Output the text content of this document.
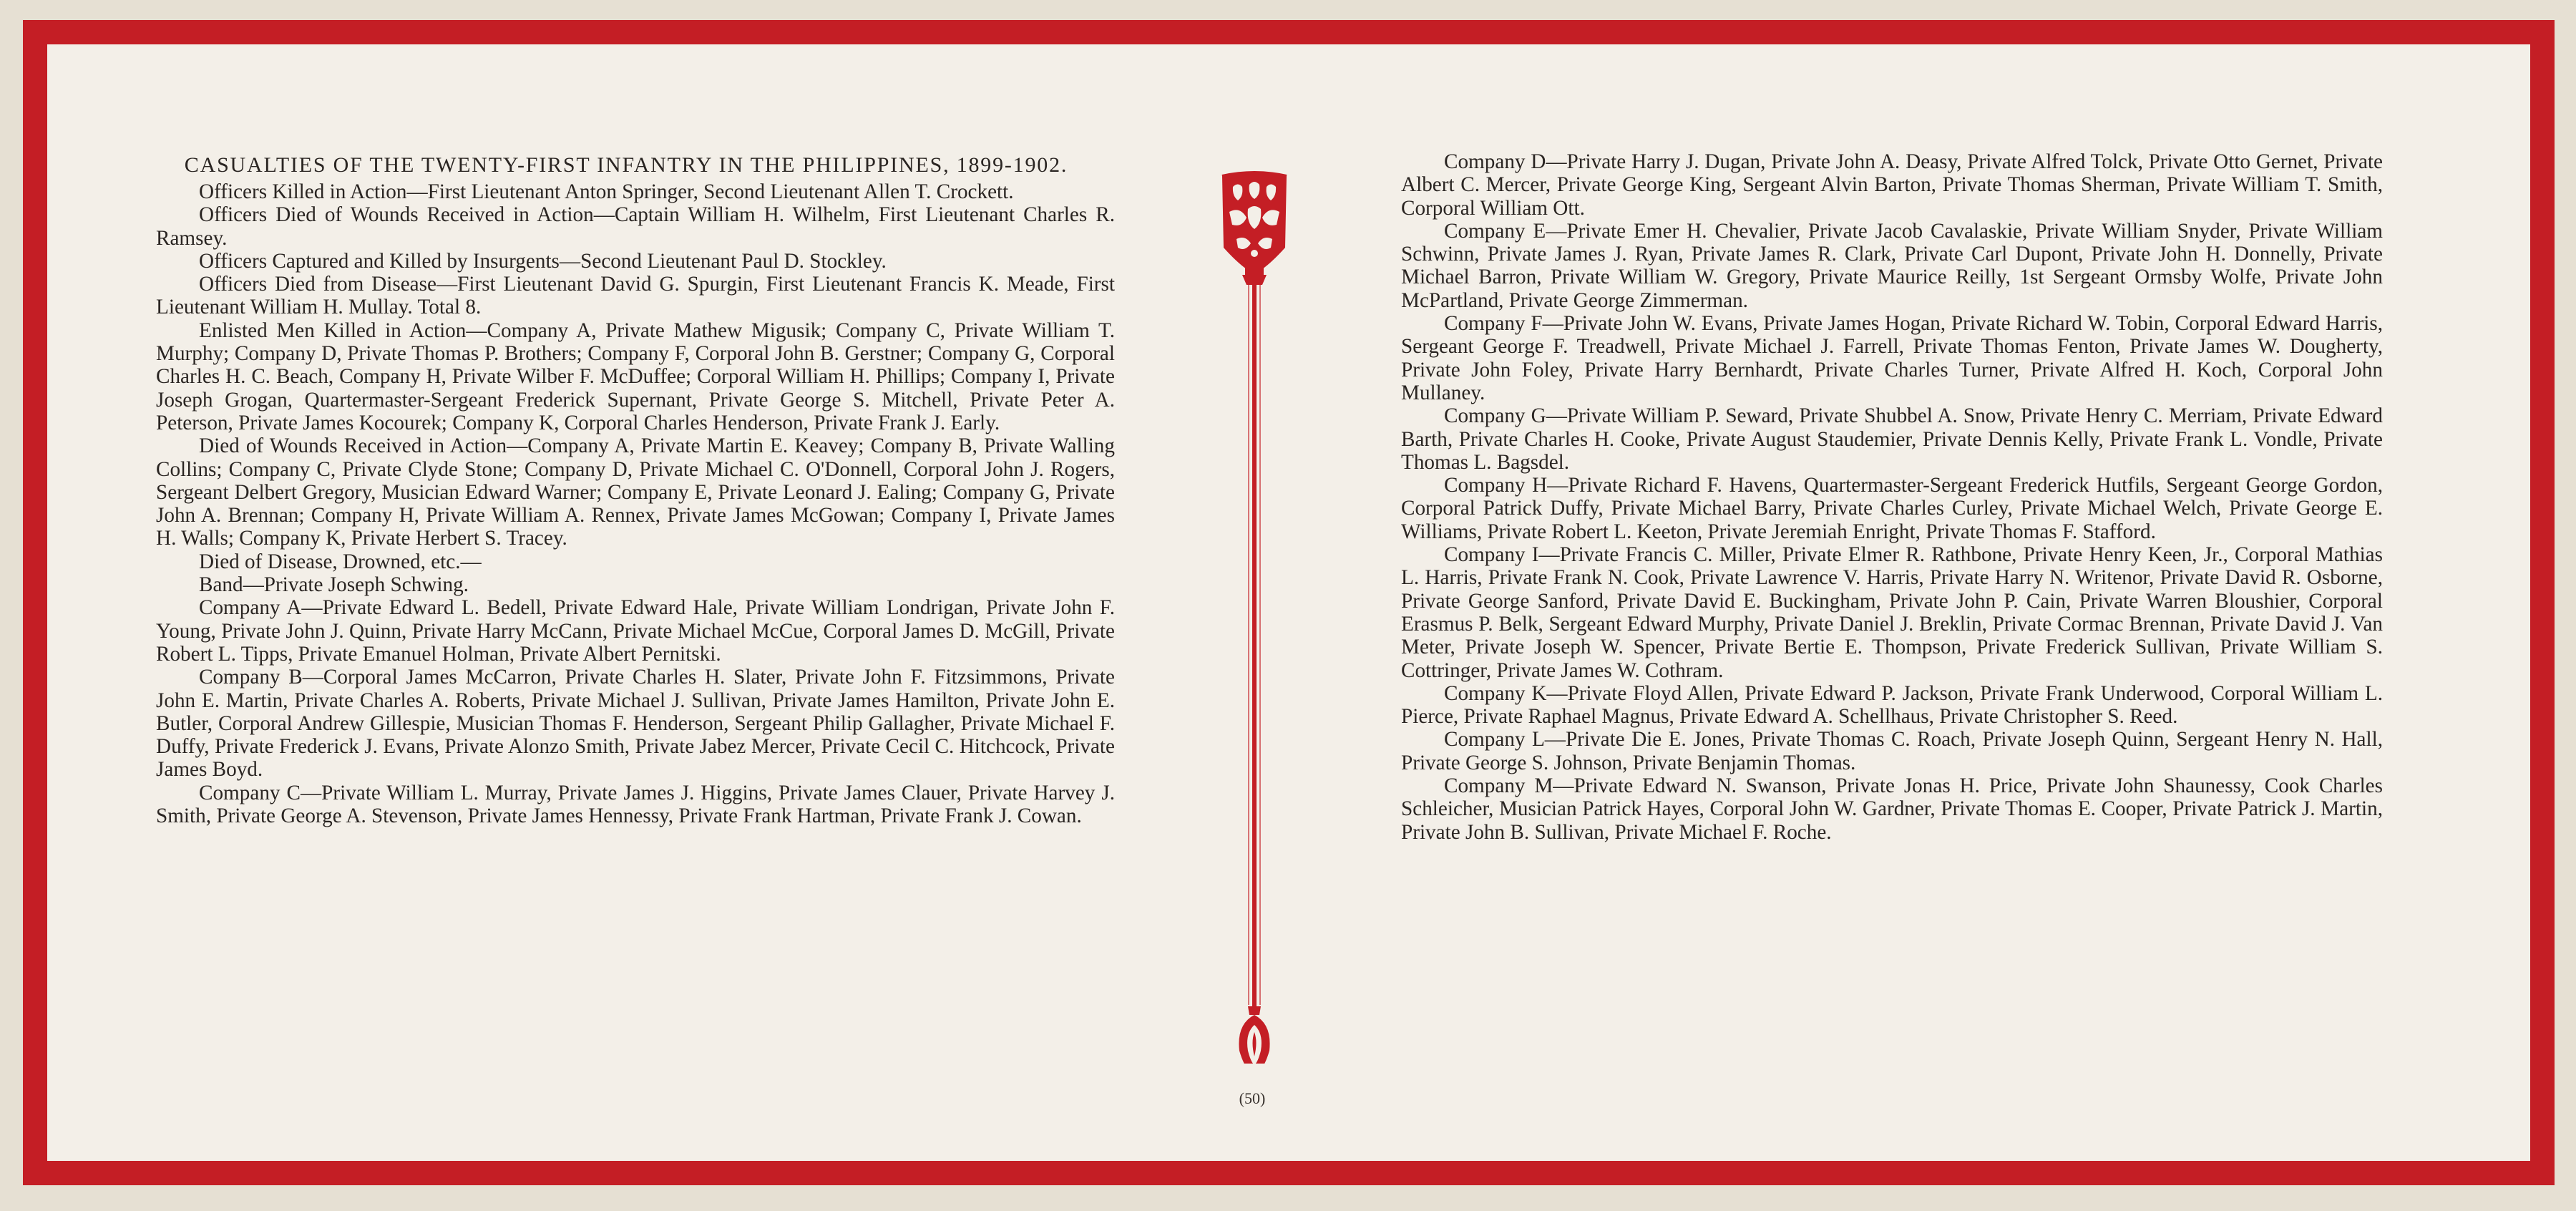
CASUALTIES OF THE TWENTY-FIRST INFANTRY IN THE PHILIPPINES, 1899-1902.

Officers Killed in Action—First Lieutenant Anton Springer, Second Lieutenant Allen T. Crockett.

Officers Died of Wounds Received in Action—Captain William H. Wilhelm, First Lieutenant Charles R. Ramsey.

Officers Captured and Killed by Insurgents—Second Lieutenant Paul D. Stockley.

Officers Died from Disease—First Lieutenant David G. Spurgin, First Lieutenant Francis K. Meade, First Lieutenant William H. Mullay. Total 8.

Enlisted Men Killed in Action—Company A, Private Mathew Migusik; Company C, Private William T. Murphy; Company D, Private Thomas P. Brothers; Company F, Corporal John B. Gerstner; Company G, Corporal Charles H. C. Beach, Company H, Private Wilber F. McDuffee; Corporal William H. Phillips; Company I, Private Joseph Grogan, Quartermaster-Sergeant Frederick Supernant, Private George S. Mitchell, Private Peter A. Peterson, Private James Kocourek; Company K, Corporal Charles Henderson, Private Frank J. Early.

Died of Wounds Received in Action—Company A, Private Martin E. Keavey; Company B, Private Walling Collins; Company C, Private Clyde Stone; Company D, Private Michael C. O'Donnell, Corporal John J. Rogers, Sergeant Delbert Gregory, Musician Edward Warner; Company E, Private Leonard J. Ealing; Company G, Private John A. Brennan; Company H, Private William A. Rennex, Private James McGowan; Company I, Private James H. Walls; Company K, Private Herbert S. Tracey.

Died of Disease, Drowned, etc.—

Band—Private Joseph Schwing.

Company A—Private Edward L. Bedell, Private Edward Hale, Private William Londrigan, Private John F. Young, Private John J. Quinn, Private Harry McCann, Private Michael McCue, Corporal James D. McGill, Private Robert L. Tipps, Private Emanuel Holman, Private Albert Pernitski.

Company B—Corporal James McCarron, Private Charles H. Slater, Private John F. Fitzsimmons, Private John E. Martin, Private Charles A. Roberts, Private Michael J. Sullivan, Private James Hamilton, Private John E. Butler, Corporal Andrew Gillespie, Musician Thomas F. Henderson, Sergeant Philip Gallagher, Private Michael F. Duffy, Private Frederick J. Evans, Private Alonzo Smith, Private Jabez Mercer, Private Cecil C. Hitchcock, Private James Boyd.

Company C—Private William L. Murray, Private James J. Higgins, Private James Clauer, Private Harvey J. Smith, Private George A. Stevenson, Private James Hennessy, Private Frank Hartman, Private Frank J. Cowan.

Company D—Private Harry J. Dugan, Private John A. Deasy, Private Alfred Tolck, Private Otto Gernet, Private Albert C. Mercer, Private George King, Sergeant Alvin Barton, Private Thomas Sherman, Private William T. Smith, Corporal William Ott.

Company E—Private Emer H. Chevalier, Private Jacob Cavalaskie, Private William Snyder, Private William Schwinn, Private James J. Ryan, Private James R. Clark, Private Carl Dupont, Private John H. Donnelly, Private Michael Barron, Private William W. Gregory, Private Maurice Reilly, 1st Sergeant Ormsby Wolfe, Private John McPartland, Private George Zimmerman.

Company F—Private John W. Evans, Private James Hogan, Private Richard W. Tobin, Corporal Edward Harris, Sergeant George F. Treadwell, Private Michael J. Farrell, Private Thomas Fenton, Private James W. Dougherty, Private John Foley, Private Harry Bernhardt, Private Charles Turner, Private Alfred H. Koch, Corporal John Mullaney.

Company G—Private William P. Seward, Private Shubbel A. Snow, Private Henry C. Merriam, Private Edward Barth, Private Charles H. Cooke, Private August Staudemier, Private Dennis Kelly, Private Frank L. Vondle, Private Thomas L. Bagsdel.

Company H—Private Richard F. Havens, Quartermaster-Sergeant Frederick Hutfils, Sergeant George Gordon, Corporal Patrick Duffy, Private Michael Barry, Private Charles Curley, Private Michael Welch, Private George E. Williams, Private Robert L. Keeton, Private Jeremiah Enright, Private Thomas F. Stafford.

Company I—Private Francis C. Miller, Private Elmer R. Rathbone, Private Henry Keen, Jr., Corporal Mathias L. Harris, Private Frank N. Cook, Private Lawrence V. Harris, Private Harry N. Writenor, Private David R. Osborne, Private George Sanford, Private David E. Buckingham, Private John P. Cain, Private Warren Bloushier, Corporal Erasmus P. Belk, Sergeant Edward Murphy, Private Daniel J. Breklin, Private Cormac Brennan, Private David J. Van Meter, Private Joseph W. Spencer, Private Bertie E. Thompson, Private Frederick Sullivan, Private William S. Cottringer, Private James W. Cothram.

Company K—Private Floyd Allen, Private Edward P. Jackson, Private Frank Underwood, Corporal William L. Pierce, Private Raphael Magnus, Private Edward A. Schellhaus, Private Christopher S. Reed.

Company L—Private Die E. Jones, Private Thomas C. Roach, Private Joseph Quinn, Sergeant Henry N. Hall, Private George S. Johnson, Private Benjamin Thomas.

Company M—Private Edward N. Swanson, Private Jonas H. Price, Private John Shaunessy, Cook Charles Schleicher, Musician Patrick Hayes, Corporal John W. Gardner, Private Thomas E. Cooper, Private Patrick J. Martin, Private John B. Sullivan, Private Michael F. Roche.

(50)
